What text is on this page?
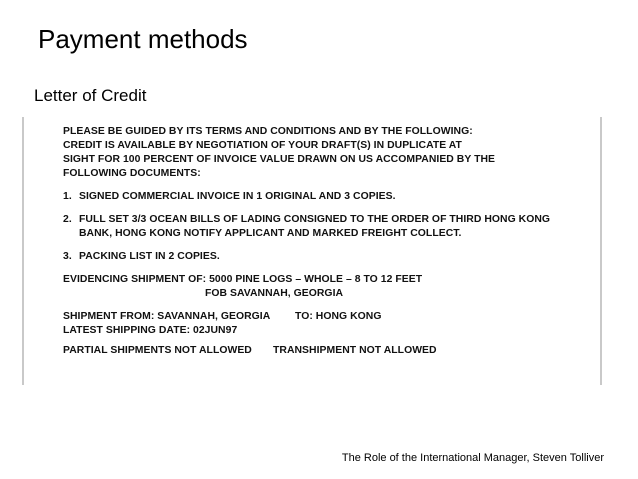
Payment methods
Letter of Credit
PLEASE BE GUIDED BY ITS TERMS AND CONDITIONS AND BY THE FOLLOWING:
CREDIT IS AVAILABLE BY NEGOTIATION OF YOUR DRAFT(S) IN DUPLICATE AT
SIGHT FOR 100 PERCENT OF INVOICE VALUE DRAWN ON US ACCOMPANIED BY THE
FOLLOWING DOCUMENTS:
1. SIGNED COMMERCIAL INVOICE IN 1 ORIGINAL AND 3 COPIES.
2. FULL SET 3/3 OCEAN BILLS OF LADING CONSIGNED TO THE ORDER OF THIRD HONG KONG
BANK, HONG KONG NOTIFY APPLICANT AND MARKED FREIGHT COLLECT.
3. PACKING LIST IN 2 COPIES.
EVIDENCING SHIPMENT OF: 5000 PINE LOGS – WHOLE – 8 TO 12 FEET
FOB SAVANNAH, GEORGIA
SHIPMENT FROM: SAVANNAH, GEORGIA	TO: HONG KONG
LATEST SHIPPING DATE: 02JUN97
PARTIAL SHIPMENTS NOT ALLOWED	TRANSHIPMENT NOT ALLOWED
The Role of the International Manager, Steven Tolliver
